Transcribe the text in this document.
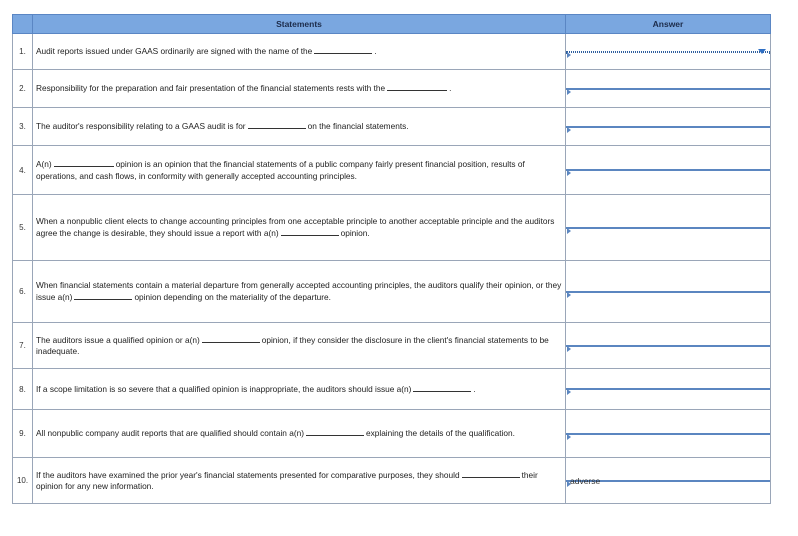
	Statements	Answer
1.	Audit reports issued under GAAS ordinarily are signed with the name of the .	

2.	Responsibility for the preparation and fair presentation of the financial statements rests with the .	

3.	The auditor's responsibility relating to a GAAS audit is for on the financial statements.	

4.	A(n) opinion is an opinion that the financial statements of a public company fairly present financial position, results of operations, and cash flows, in conformity with generally accepted accounting principles.	

5.	When a nonpublic client elects to change accounting principles from one acceptable principle to another acceptable principle and the auditors agree the change is desirable, they should issue a report with a(n) opinion.	

6.	When financial statements contain a material departure from generally accepted accounting principles, the auditors qualify their opinion, or they issue a(n) opinion depending on the materiality of the departure.	

7.	The auditors issue a qualified opinion or a(n) opinion, if they consider the disclosure in the client's financial statements to be inadequate.	

8.	If a scope limitation is so severe that a qualified opinion is inappropriate, the auditors should issue a(n) .	

9.	All nonpublic company audit reports that are qualified should contain a(n) explaining the details of the qualification.	

10.	If the auditors have examined the prior year's financial statements presented for comparative purposes, they should their opinion for any new information.	adverse
